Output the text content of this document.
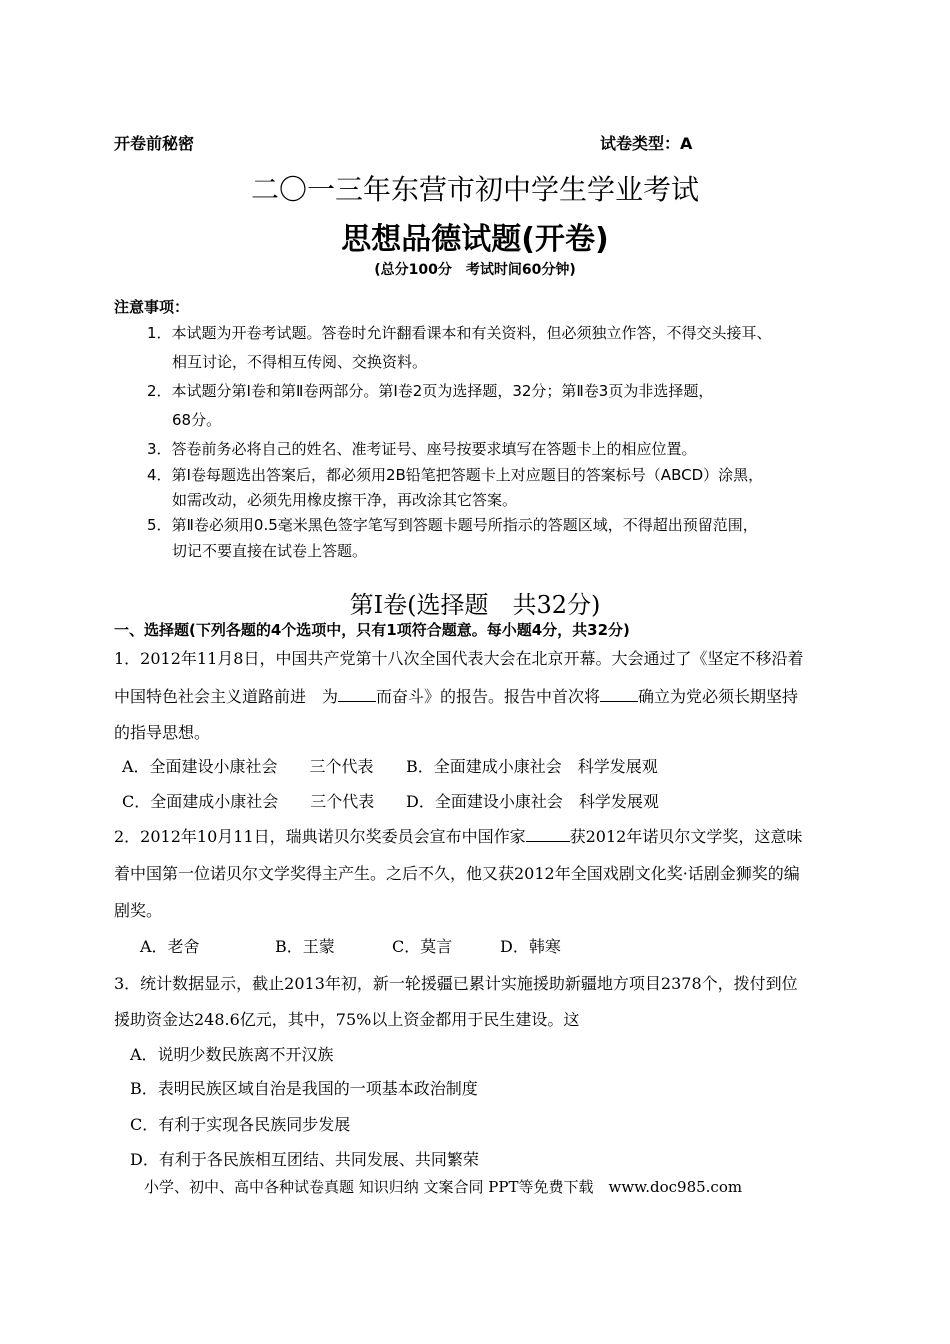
开卷前秘密	试卷类型：A
二〇一三年东营市初中学生学业考试
思想品德试题(开卷)
(总分100分　考试时间60分钟)
注意事项：
1．本试题为开卷考试题。答卷时允许翻看课本和有关资料，但必须独立作答，不得交头接耳、
相互讨论，不得相互传阅、交换资料。
2．本试题分第Ⅰ卷和第Ⅱ卷两部分。第Ⅰ卷2页为选择题，32分；第Ⅱ卷3页为非选择题，
68分。
3．答卷前务必将自己的姓名、准考证号、座号按要求填写在答题卡上的相应位置。
4．第Ⅰ卷每题选出答案后，都必须用2B铅笔把答题卡上对应题目的答案标号（ABCD）涂黑，
如需改动，必须先用橡皮擦干净，再改涂其它答案。
5．第Ⅱ卷必须用0.5毫米黑色签字笔写到答题卡题号所指示的答题区域，不得超出预留范围，
切记不要直接在试卷上答题。
第Ⅰ卷(选择题　共32分)
一、选择题(下列各题的4个选项中，只有1项符合题意。每小题4分，共32分)
1．2012年11月8日，中国共产党第十八次全国代表大会在北京开幕。大会通过了《坚定不移沿着
中国特色社会主义道路前进　为 而奋斗》的报告。报告中首次将 确立为党必须长期坚持
的指导思想。
A．全面建设小康社会　　三个代表 B．全面建成小康社会　科学发展观
C．全面建成小康社会　　三个代表 D．全面建设小康社会　科学发展观
2．2012年10月11日，瑞典诺贝尔奖委员会宣布中国作家	获2012年诺贝尔文学奖，这意味
着中国第一位诺贝尔文学奖得主产生。之后不久，他又获2012年全国戏剧文化奖·话剧金狮奖的编
剧奖。
A．老舍	B．王蒙	C．莫言	D．韩寒
3．统计数据显示，截止2013年初，新一轮援疆已累计实施援助新疆地方项目2378个，拨付到位
援助资金达248.6亿元，其中，75%以上资金都用于民生建设。这
A．说明少数民族离不开汉族
B．表明民族区域自治是我国的一项基本政治制度
C．有利于实现各民族同步发展
D．有利于各民族相互团结、共同发展、共同繁荣
小学、初中、高中各种试卷真题 知识归纳 文案合同 PPT等免费下载　www.doc985.com
